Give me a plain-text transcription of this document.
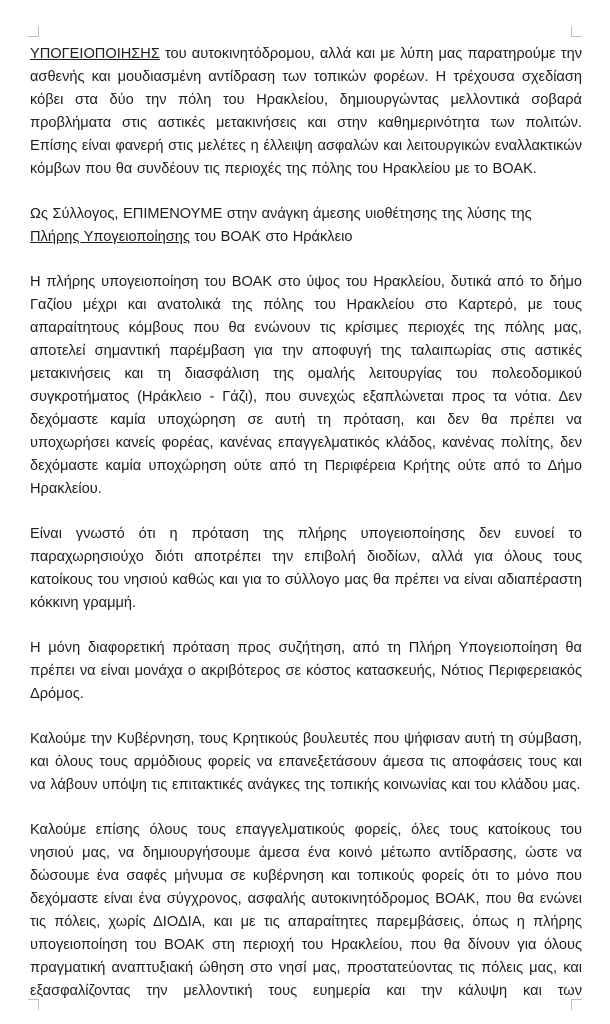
ΥΠΟΓΕΙΟΠΟΙΗΣΗΣ του αυτοκινητόδρομου, αλλά και με λύπη μας παρατηρούμε την ασθενής και μουδιασμένη αντίδραση των τοπικών φορέων. Η τρέχουσα σχεδίαση κόβει στα δύο την πόλη του Ηρακλείου, δημιουργώντας μελλοντικά σοβαρά προβλήματα στις αστικές μετακινήσεις και στην καθημερινότητα των πολιτών. Επίσης είναι φανερή στις μελέτες η έλλειψη ασφαλών και λειτουργικών εναλλακτικών κόμβων που θα συνδέουν τις περιοχές της πόλης του Ηρακλείου με το ΒΟΑΚ.

Ως Σύλλογος, ΕΠΙΜΕΝΟΥΜΕ στην ανάγκη άμεσης υιοθέτησης της λύσης της Πλήρης Υπογειοποίησης του ΒΟΑΚ στο Ηράκλειο

Η πλήρης υπογειοποίηση του ΒΟΑΚ στο ύψος του Ηρακλείου, δυτικά από το δήμο Γαζίου μέχρι και ανατολικά της πόλης του Ηρακλείου στο Καρτερό, με τους απαραίτητους κόμβους που θα ενώνουν τις κρίσιμες περιοχές της πόλης μας, αποτελεί σημαντική παρέμβαση για την αποφυγή της ταλαιπωρίας στις αστικές μετακινήσεις και τη διασφάλιση της ομαλής λειτουργίας του πολεοδομικού συγκροτήματος (Ηράκλειο - Γάζι), που συνεχώς εξαπλώνεται προς τα νότια. Δεν δεχόμαστε καμία υποχώρηση σε αυτή τη πρόταση, και δεν θα πρέπει να υποχωρήσει κανείς φορέας, κανένας επαγγελματικός κλάδος, κανένας πολίτης, δεν δεχόμαστε καμία υποχώρηση ούτε από τη Περιφέρεια Κρήτης ούτε από το Δήμο Ηρακλείου.

Είναι γνωστό ότι η πρόταση της πλήρης υπογειοποίησης δεν ευνοεί το παραχωρησιούχο διότι αποτρέπει την επιβολή διοδίων, αλλά για όλους τους κατοίκους του νησιού καθώς και για το σύλλογο μας θα πρέπει να είναι αδιαπέραστη κόκκινη γραμμή.

Η μόνη διαφορετική πρόταση προς συζήτηση, από τη Πλήρη Υπογειοποίηση θα πρέπει να είναι μονάχα ο ακριβότερος σε κόστος κατασκευής, Νότιος Περιφερειακός Δρόμος.

Καλούμε την Κυβέρνηση, τους Κρητικούς βουλευτές που ψήφισαν αυτή τη σύμβαση, και όλους τους αρμόδιους φορείς να επανεξετάσουν άμεσα τις αποφάσεις τους και να λάβουν υπόψη τις επιτακτικές ανάγκες της τοπικής κοινωνίας και του κλάδου μας.

Καλούμε επίσης όλους τους επαγγελματικούς φορείς, όλες τους κατοίκους του νησιού μας, να δημιουργήσουμε άμεσα ένα κοινό μέτωπο αντίδρασης, ώστε να δώσουμε ένα σαφές μήνυμα σε κυβέρνηση και τοπικούς φορείς ότι το μόνο που δεχόμαστε είναι ένα σύγχρονος, ασφαλής αυτοκινητόδρομος ΒΟΑΚ, που θα ενώνει τις πόλεις, χωρίς ΔΙΟΔΙΑ, και με τις απαραίτητες παρεμβάσεις, όπως η πλήρης υπογειοποίηση του ΒΟΑΚ στη περιοχή του Ηρακλείου, που θα δίνουν για όλους πραγματική αναπτυξιακή ώθηση στο νησί μας, προστατεύοντας τις πόλεις μας, και εξασφαλίζοντας την μελλοντική τους ευημερία και την κάλυψη και των
